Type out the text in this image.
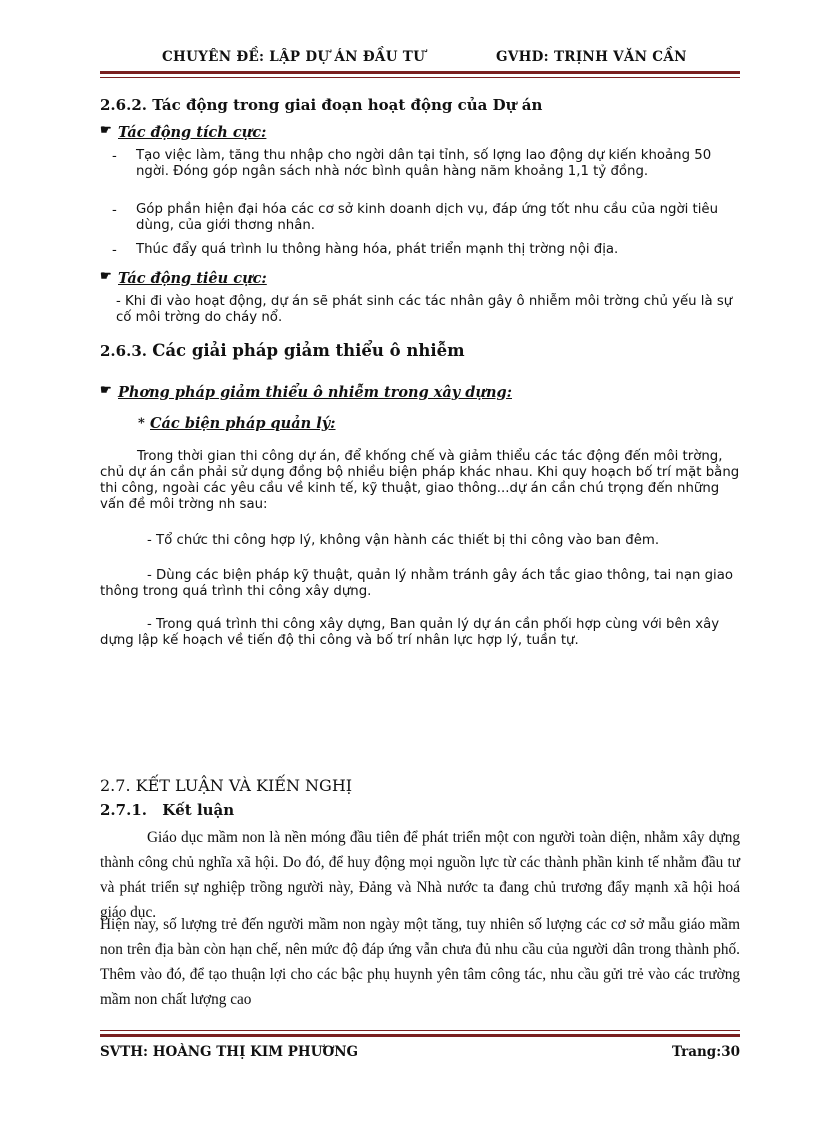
CHUYÊN ĐỀ: LẬP DỰ ÁN ĐẦU TƯ	GVHD: TRỊNH VĂN CẦN
2.6.2. Tác động trong giai đoạn hoạt động của Dự án
☛ Tác động tích cực:
- Tạo việc làm, tăng thu nhập cho ngời dân tại tỉnh, số lợng lao động dự kiến khoảng 50 ngời. Đóng góp ngân sách nhà nớc bình quân hàng năm khoảng 1,1 tỷ đồng.
- Góp phần hiện đại hóa các cơ sở kinh doanh dịch vụ, đáp ứng tốt nhu cầu của ngời tiêu dùng, của giới thơng nhân.
- Thúc đẩy quá trình lu thông hàng hóa, phát triển mạnh thị trờng nội địa.
☛ Tác động tiêu cực:
- Khi đi vào hoạt động, dự án sẽ phát sinh các tác nhân gây ô nhiễm môi trờng chủ yếu là sự cố môi trờng do cháy nổ.
2.6.3. Các giải pháp giảm thiểu ô nhiễm
☛ Phơng pháp giảm thiểu ô nhiễm trong xây dựng:
* Các biện pháp quản lý:
Trong thời gian thi công dự án, để khống chế và giảm thiểu các tác động đến môi trờng, chủ dự án cần phải sử dụng đồng bộ nhiều biện pháp khác nhau. Khi quy hoạch bố trí mặt bằng thi công, ngoài các yêu cầu về kinh tế, kỹ thuật, giao thông...dự án cần chú trọng đến những vấn đề môi trờng nh sau:
- Tổ chức thi công hợp lý, không vận hành các thiết bị thi công vào ban đêm.
- Dùng các biện pháp kỹ thuật, quản lý nhằm tránh gây ách tắc giao thông, tai nạn giao thông trong quá trình thi công xây dựng.
- Trong quá trình thi công xây dựng, Ban quản lý dự án cần phối hợp cùng với bên xây dựng lập kế hoạch về tiến độ thi công và bố trí nhân lực hợp lý, tuần tự.
2.7. KẾT LUẬN VÀ KIẾN NGHỊ
2.7.1. Kết luận
Giáo dục mầm non là nền móng đầu tiên để phát triển một con người toàn diện, nhằm xây dựng thành công chủ nghĩa xã hội. Do đó, để huy động mọi nguồn lực từ các thành phần kinh tế nhằm đầu tư và phát triển sự nghiệp trồng người này, Đảng và Nhà nước ta đang chủ trương đẩy mạnh xã hội hoá giáo dục.
Hiện nay, số lượng trẻ đến người mầm non ngày một tăng, tuy nhiên số lượng các cơ sở mẫu giáo mầm non trên địa bàn còn hạn chế, nên mức độ đáp ứng vẫn chưa đủ nhu cầu của người dân trong thành phố. Thêm vào đó, để tạo thuận lợi cho các bậc phụ huynh yên tâm công tác, nhu cầu gửi trẻ vào các trường mầm non chất lượng cao
SVTH: HOÀNG THỊ KIM PHƯƠNG	Trang:30
